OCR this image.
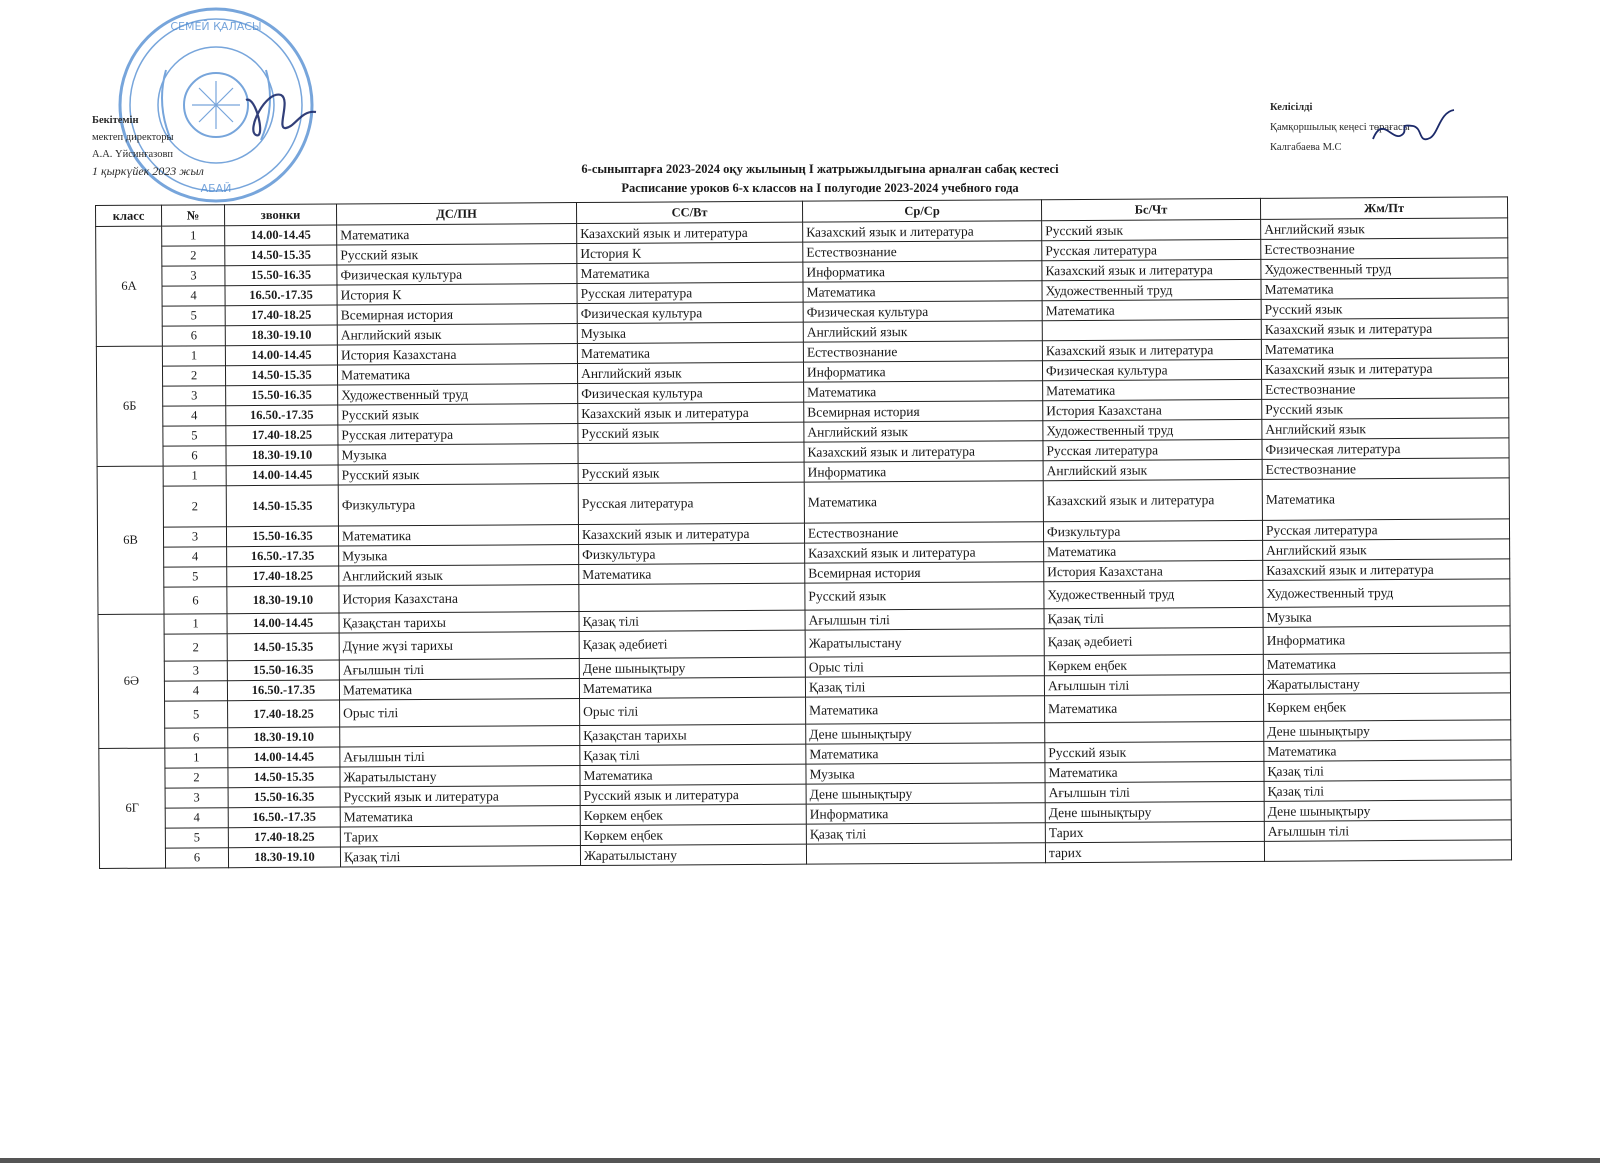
СЕМЕЙ ҚАЛАСЫ
АБАЙ
Бекітемін
мектеп директоры
А.А. Үйсинғазовп
1 қыркүйек 2023 жыл
Келісілді
Қамқоршылық кеңесі төрағасы
Калгабаева М.С
6-сыныптарға 2023-2024 оқу жылының I жатрыжылдығына арналған сабақ кестесі
Расписание уроков 6-х классов на I полугодие 2023-2024 учебного года
класс	№	звонки	ДС/ПН	СС/Вт	Ср/Ср	Бс/Чт	Жм/Пт
6А	1	14.00-14.45	Математика	Казахский язык и литература	Казахский язык и литература	Русский язык	Английский язык
	2	14.50-15.35	Русский язык	История К	Естествознание	Русская литература	Естествознание
	3	15.50-16.35	Физическая культура	Математика	Информатика	Казахский язык и литература	Художественный труд
	4	16.50.-17.35	История К	Русская литература	Математика	Художественный труд	Математика
	5	17.40-18.25	Всемирная история	Физическая культура	Физическая культура	Математика	Русский язык
	6	18.30-19.10	Английский язык	Музыка	Английский язык		Казахский язык и литература
6Б	1	14.00-14.45	История Казахстана	Математика	Естествознание	Казахский язык и литература	Математика
	2	14.50-15.35	Математика	Английский язык	Информатика	Физическая культура	Казахский язык и литература
	3	15.50-16.35	Художественный труд	Физическая культура	Математика	Математика	Естествознание
	4	16.50.-17.35	Русский язык	Казахский язык и литература	Всемирная история	История Казахстана	Русский язык
	5	17.40-18.25	Русская литература	Русский язык	Английский язык	Художественный труд	Английский язык
	6	18.30-19.10	Музыка		Казахский язык и литература	Русская литература	Физическая литература
6В	1	14.00-14.45	Русский язык	Русский язык	Информатика	Английский язык	Естествознание
	2	14.50-15.35	Физкультура	Русская литература	Математика	Казахский язык и литература	Математика
	3	15.50-16.35	Математика	Казахский язык и литература	Естествознание	Физкультура	Русская литература
	4	16.50.-17.35	Музыка	Физкультура	Казахский язык и литература	Математика	Английский язык
	5	17.40-18.25	Английский язык	Математика	Всемирная история	История Казахстана	Казахский язык и литература
	6	18.30-19.10	История Казахстана		Русский язык	Художественный труд	Художественный труд
6Ә	1	14.00-14.45	Қазақстан тарихы	Қазақ тілі	Ағылшын тілі	Қазақ тілі	Музыка
	2	14.50-15.35	Дүние жүзі тарихы	Қазақ әдебиеті	Жаратылыстану	Қазақ әдебиеті	Информатика
	3	15.50-16.35	Ағылшын тілі	Дене шынықтыру	Орыс тілі	Көркем еңбек	Математика
	4	16.50.-17.35	Математика	Математика	Қазақ тілі	Ағылшын тілі	Жаратылыстану
	5	17.40-18.25	Орыс тілі	Орыс тілі	Математика	Математика	Көркем еңбек
	6	18.30-19.10		Қазақстан тарихы	Дене шынықтыру		Дене шынықтыру
6Г	1	14.00-14.45	Ағылшын тілі	Қазақ тілі	Математика	Русский язык	Математика
	2	14.50-15.35	Жаратылыстану	Математика	Музыка	Математика	Қазақ тілі
	3	15.50-16.35	Русский язык и литература	Русский язык и литература	Дене шынықтыру	Ағылшын тілі	Қазақ тілі
	4	16.50.-17.35	Математика	Көркем еңбек	Информатика	Дене шынықтыру	Дене шынықтыру
	5	17.40-18.25	Тарих	Көркем еңбек	Қазақ тілі	Тарих	Ағылшын тілі
	6	18.30-19.10	Қазақ тілі	Жаратылыстану		тарих	
